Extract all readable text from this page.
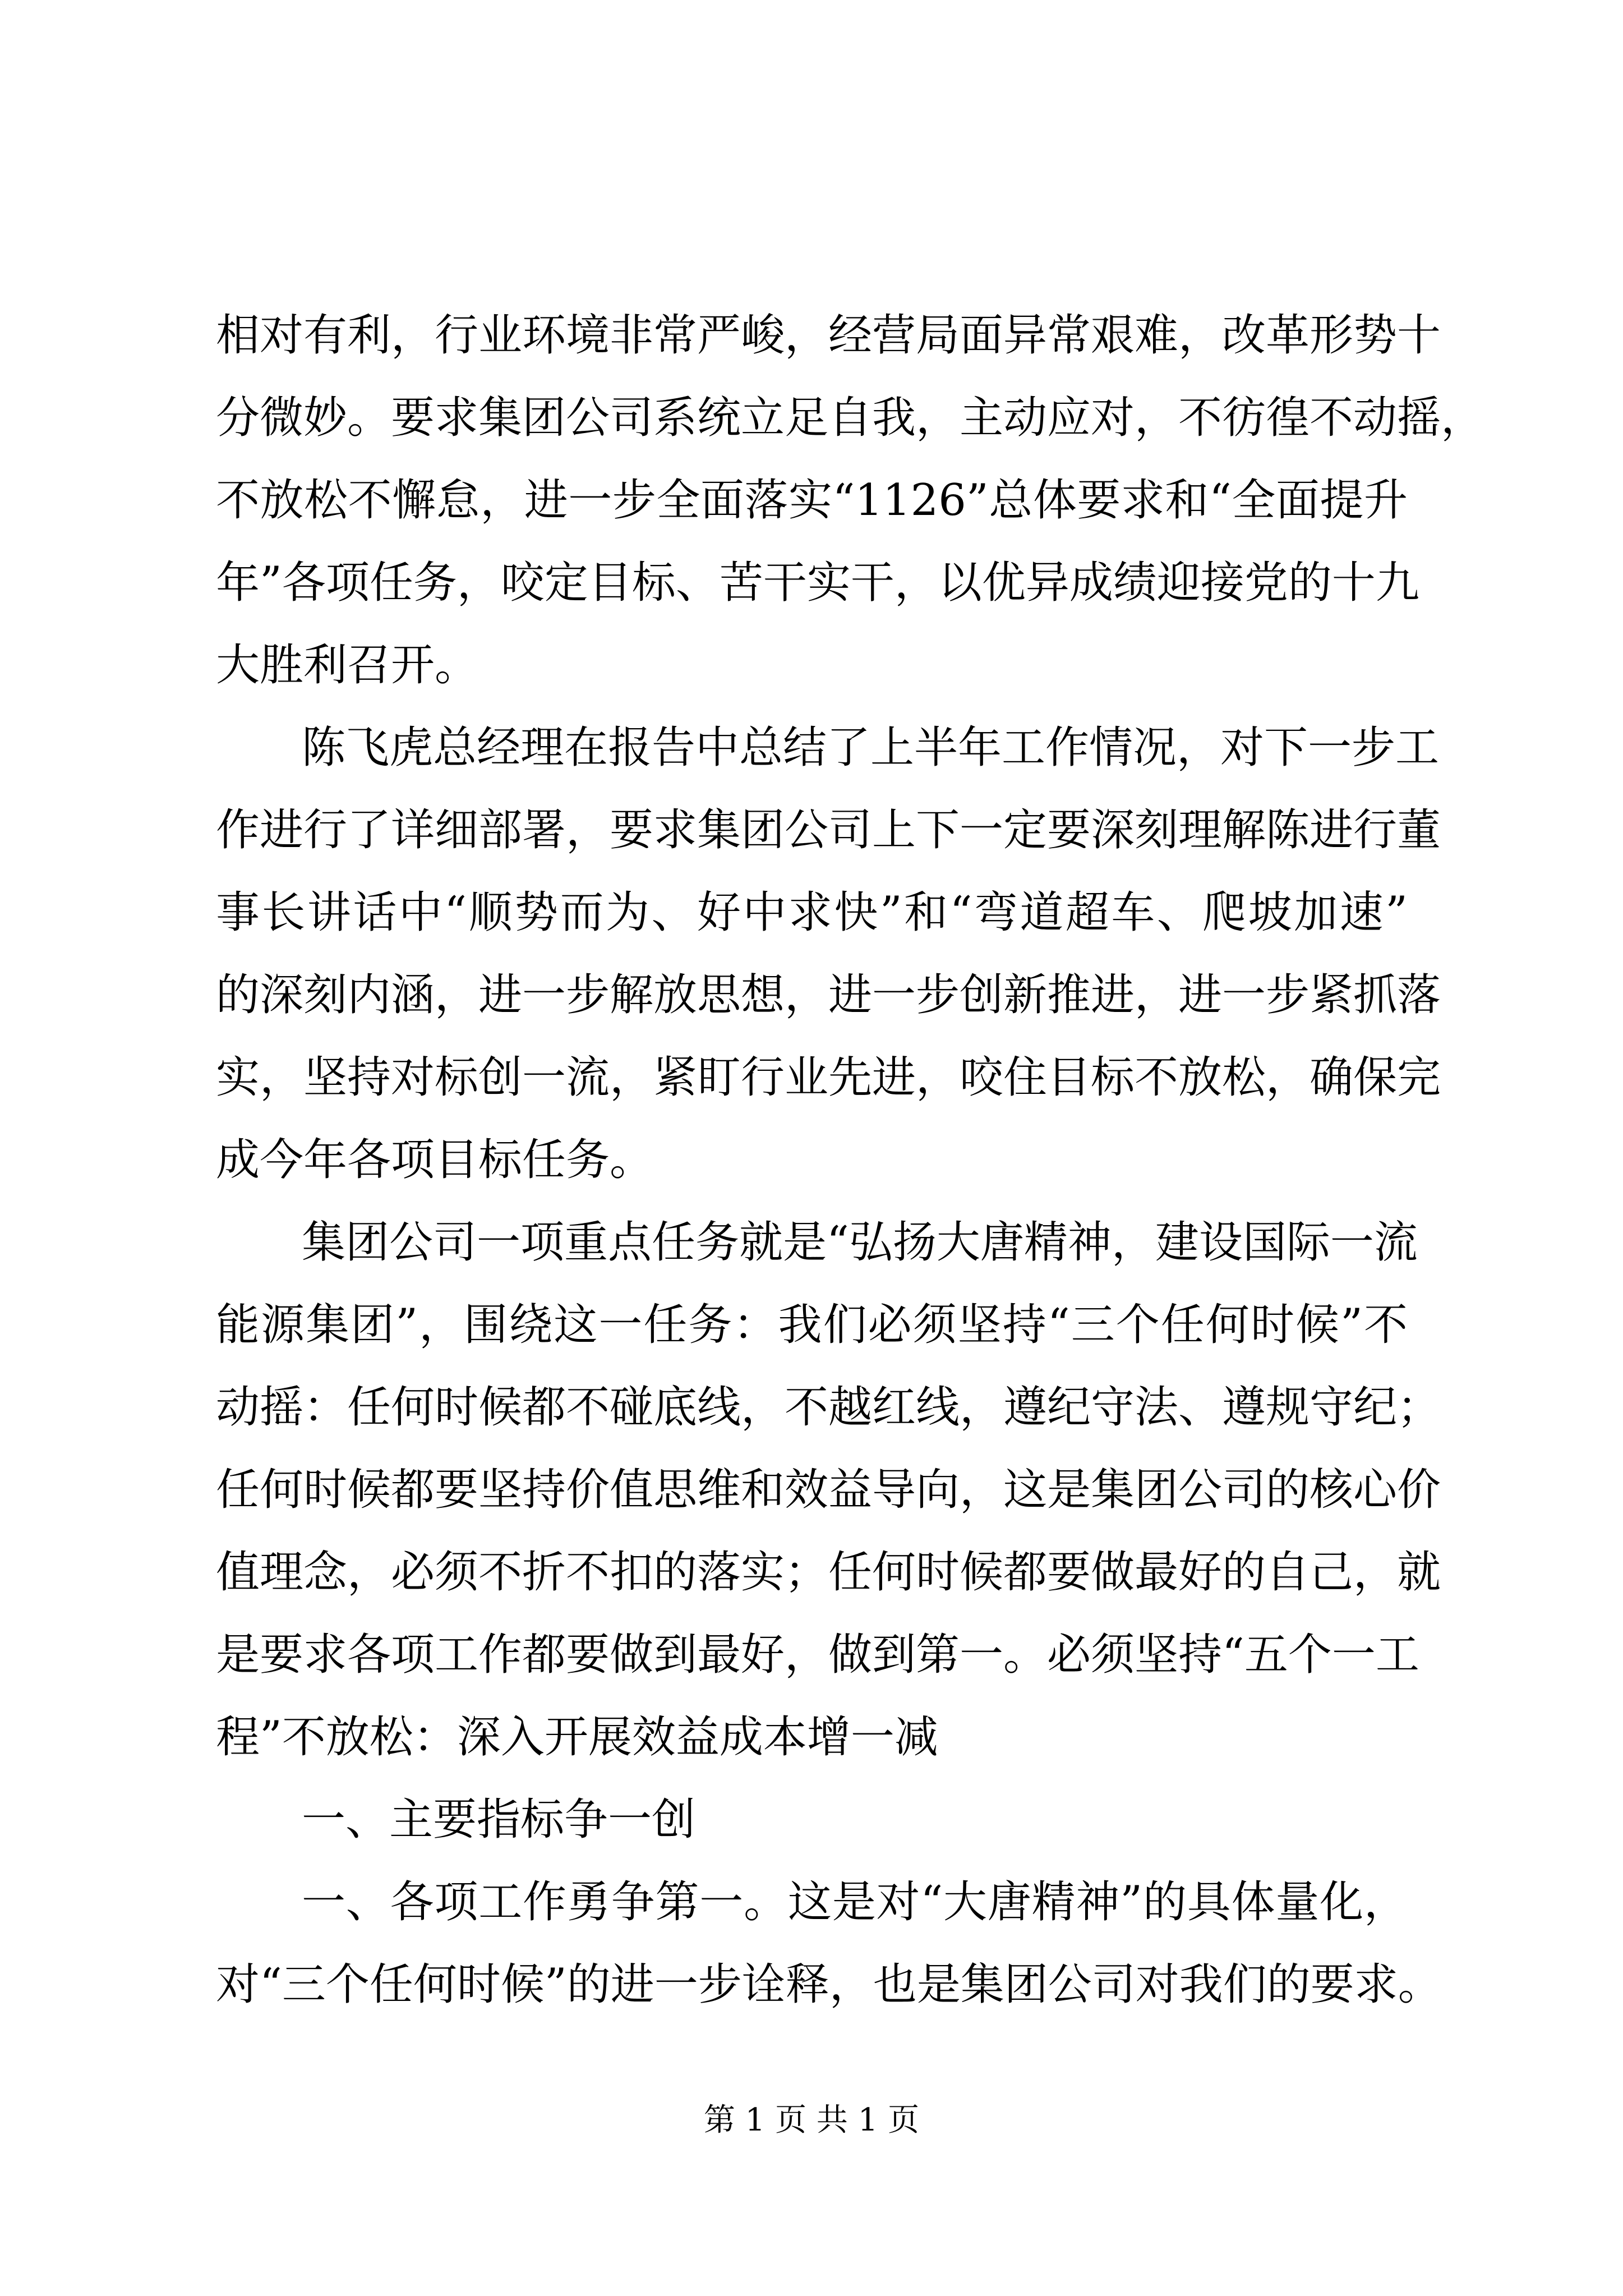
相对有利，行业环境非常严峻，经营局面异常艰难，改革形势十
分微妙。要求集团公司系统立足自我，主动应对，不彷徨不动摇，
不放松不懈怠，进一步全面落实“1126”总体要求和“全面提升
年”各项任务，咬定目标、苦干实干，以优异成绩迎接党的十九
大胜利召开。
陈飞虎总经理在报告中总结了上半年工作情况，对下一步工
作进行了详细部署，要求集团公司上下一定要深刻理解陈进行董
事长讲话中“顺势而为、好中求快”和“弯道超车、爬坡加速”
的深刻内涵，进一步解放思想，进一步创新推进，进一步紧抓落
实，坚持对标创一流，紧盯行业先进，咬住目标不放松，确保完
成今年各项目标任务。
集团公司一项重点任务就是“弘扬大唐精神，建设国际一流
能源集团”，围绕这一任务：我们必须坚持“三个任何时候”不
动摇：任何时候都不碰底线，不越红线，遵纪守法、遵规守纪；
任何时候都要坚持价值思维和效益导向，这是集团公司的核心价
值理念，必须不折不扣的落实；任何时候都要做最好的自己，就
是要求各项工作都要做到最好，做到第一。必须坚持“五个一工
程”不放松：深入开展效益成本增一减
一、主要指标争一创
一、各项工作勇争第一。这是对“大唐精神”的具体量化，
对“三个任何时候”的进一步诠释，也是集团公司对我们的要求。
第 1 页 共 1 页
